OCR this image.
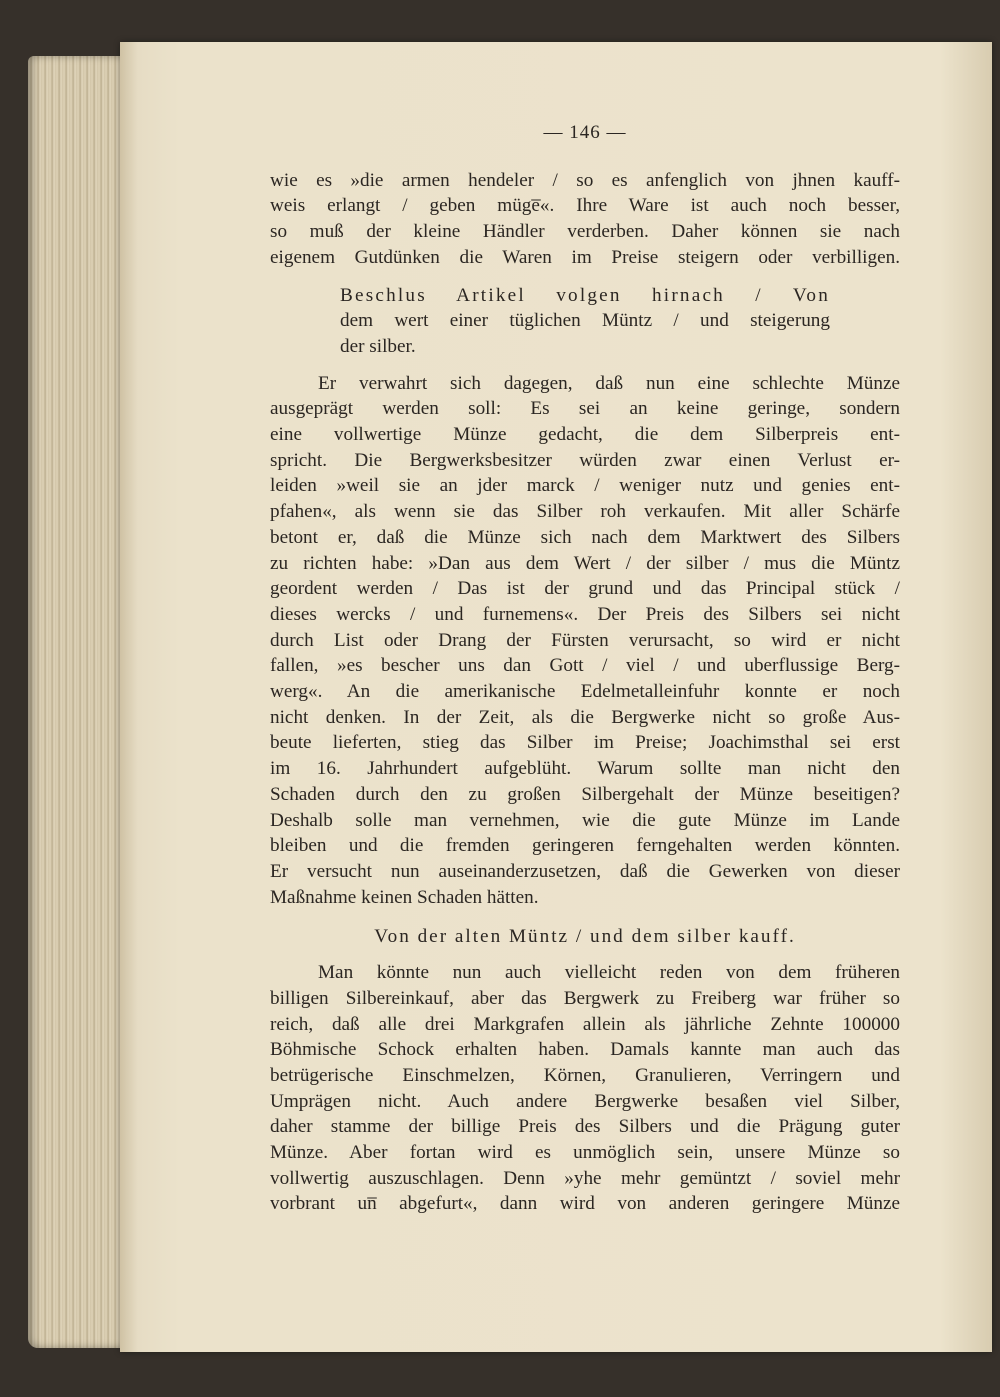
— 146 —
wie es »die armen hendeler / so es anfenglich von jhnen kauff-
weis erlangt / geben müge̅«. Ihre Ware ist auch noch besser,
so muß der kleine Händler verderben. Daher können sie nach
eigenem Gutdünken die Waren im Preise steigern oder verbilligen.
Beschlus Artikel volgen hirnach / Von
dem wert einer tüglichen Müntz / und steigerung
der silber.
Er verwahrt sich dagegen, daß nun eine schlechte Münze
ausgeprägt werden soll: Es sei an keine geringe, sondern
eine vollwertige Münze gedacht, die dem Silberpreis ent-
spricht. Die Bergwerksbesitzer würden zwar einen Verlust er-
leiden »weil sie an jder marck / weniger nutz und genies ent-
pfahen«, als wenn sie das Silber roh verkaufen. Mit aller Schärfe
betont er, daß die Münze sich nach dem Marktwert des Silbers
zu richten habe: »Dan aus dem Wert / der silber / mus die Müntz
geordent werden / Das ist der grund und das Principal stück /
dieses wercks / und furnemens«. Der Preis des Silbers sei nicht
durch List oder Drang der Fürsten verursacht, so wird er nicht
fallen, »es bescher uns dan Gott / viel / und uberflussige Berg-
werg«. An die amerikanische Edelmetalleinfuhr konnte er noch
nicht denken. In der Zeit, als die Bergwerke nicht so große Aus-
beute lieferten, stieg das Silber im Preise; Joachimsthal sei erst
im 16. Jahrhundert aufgeblüht. Warum sollte man nicht den
Schaden durch den zu großen Silbergehalt der Münze beseitigen?
Deshalb solle man vernehmen, wie die gute Münze im Lande
bleiben und die fremden geringeren ferngehalten werden könnten.
Er versucht nun auseinanderzusetzen, daß die Gewerken von dieser
Maßnahme keinen Schaden hätten.
Von der alten Müntz / und dem silber kauff.
Man könnte nun auch vielleicht reden von dem früheren
billigen Silbereinkauf, aber das Bergwerk zu Freiberg war früher so
reich, daß alle drei Markgrafen allein als jährliche Zehnte 100000
Böhmische Schock erhalten haben. Damals kannte man auch das
betrügerische Einschmelzen, Körnen, Granulieren, Verringern und
Umprägen nicht. Auch andere Bergwerke besaßen viel Silber,
daher stamme der billige Preis des Silbers und die Prägung guter
Münze. Aber fortan wird es unmöglich sein, unsere Münze so
vollwertig auszuschlagen. Denn »yhe mehr gemüntzt / soviel mehr
vorbrant un̅ abgefurt«, dann wird von anderen geringere Münze
